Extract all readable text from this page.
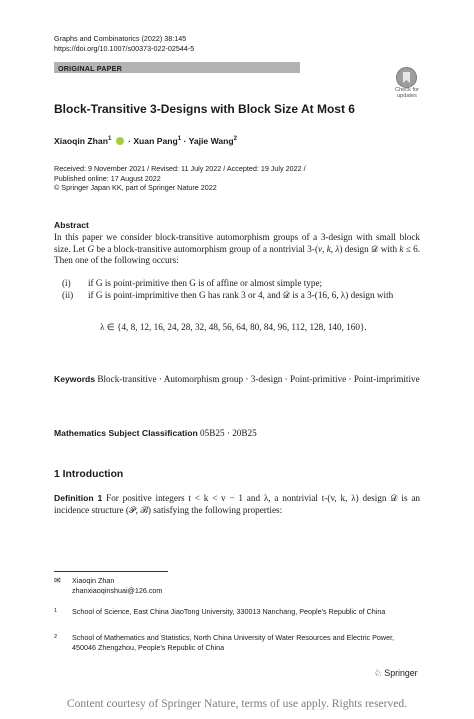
Graphs and Combinatorics (2022) 38:145
https://doi.org/10.1007/s00373-022-02544-5
ORIGINAL PAPER
Check for updates
Block-Transitive 3-Designs with Block Size At Most 6
Xiaoqin Zhan$^1$  · Xuan Pang$^1$ · Yajie Wang$^2$
Received: 9 November 2021 / Revised: 11 July 2022 / Accepted: 19 July 2022 /
Published online: 17 August 2022
© Springer Japan KK, part of Springer Nature 2022
Abstract
In this paper we consider block-transitive automorphism groups of a 3-design with small block size. Let G be a block-transitive automorphism group of a nontrivial 3-(v, k, λ) design 𝒟 with k ≤ 6. Then one of the following occurs:
(i) if G is point-primitive then G is of affine or almost simple type;
(ii) if G is point-imprimitive then G has rank 3 or 4, and 𝒟 is a 3-(16, 6, λ) design with
λ ∈ {4, 8, 12, 16, 24, 28, 32, 48, 56, 64, 80, 84, 96, 112, 128, 140, 160}.
Keywords Block-transitive · Automorphism group · 3-design · Point-primitive · Point-imprimitive
Mathematics Subject Classification 05B25 · 20B25
1 Introduction
Definition 1 For positive integers t < k < v − 1 and λ, a nontrivial t-(v, k, λ) design 𝒟 is an incidence structure (𝒫, ℬ) satisfying the following properties:
✉ Xiaoqin Zhan
zhanxiaoqinshuai@126.com
1 School of Science, East China JiaoTong University, 330013 Nanchang, People’s Republic of China
2 School of Mathematics and Statistics, North China University of Water Resources and Electric Power, 450046 Zhengzhou, People’s Republic of China
♘ Springer
Content courtesy of Springer Nature, terms of use apply. Rights reserved.
